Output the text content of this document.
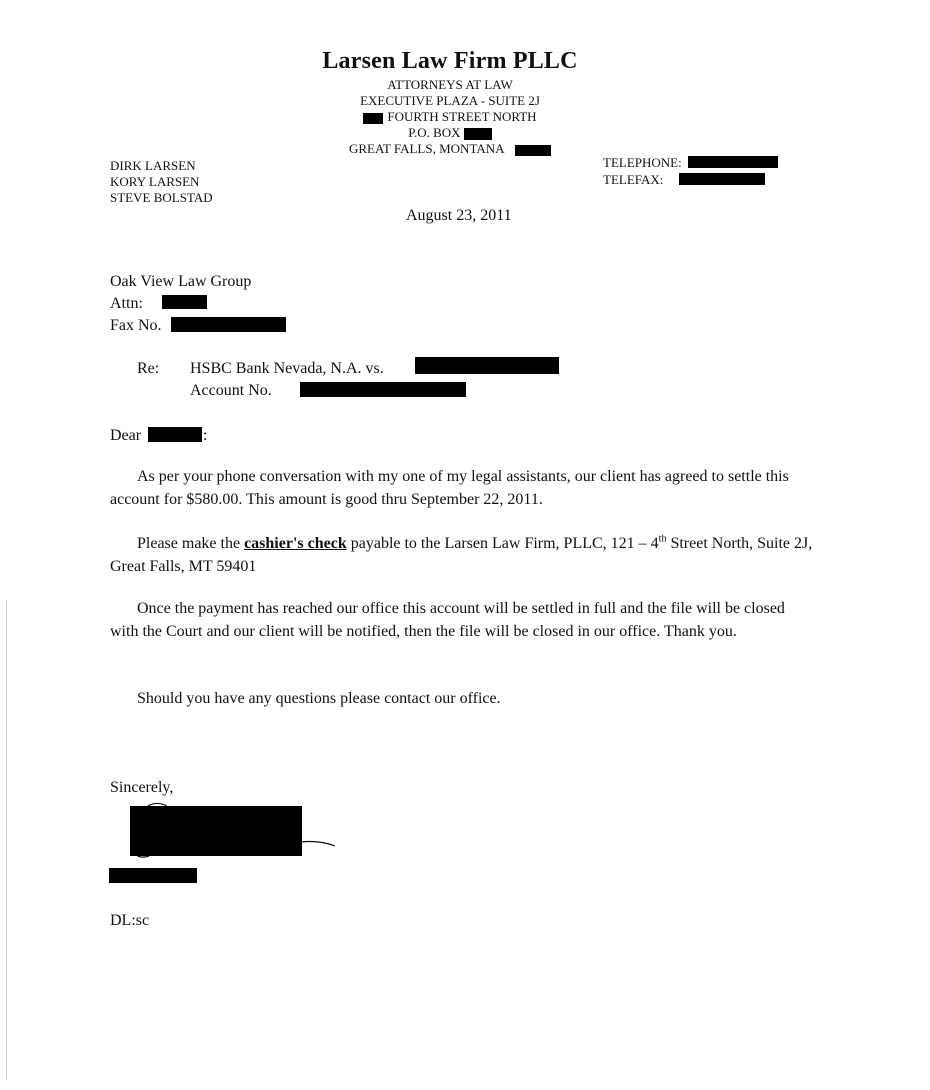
Larsen Law Firm PLLC
ATTORNEYS AT LAW
EXECUTIVE PLAZA - SUITE 2J
FOURTH STREET NORTH
P.O. BOX
GREAT FALLS, MONTANA
DIRK LARSEN
KORY LARSEN
STEVE BOLSTAD
TELEPHONE:
TELEFAX:
August 23, 2011
Oak View Law Group
Attn:
Fax No.
Re: HSBC Bank Nevada, N.A. vs.
Account No.
Dear	:
As per your phone conversation with my one of my legal assistants, our client has agreed to settle this account for $580.00. This amount is good thru September 22, 2011.
Please make the cashier's check payable to the Larsen Law Firm, PLLC, 121 – 4th Street North, Suite 2J, Great Falls, MT 59401
Once the payment has reached our office this account will be settled in full and the file will be closed with the Court and our client will be notified, then the file will be closed in our office. Thank you.
Should you have any questions please contact our office.
Sincerely,
DL:sc
